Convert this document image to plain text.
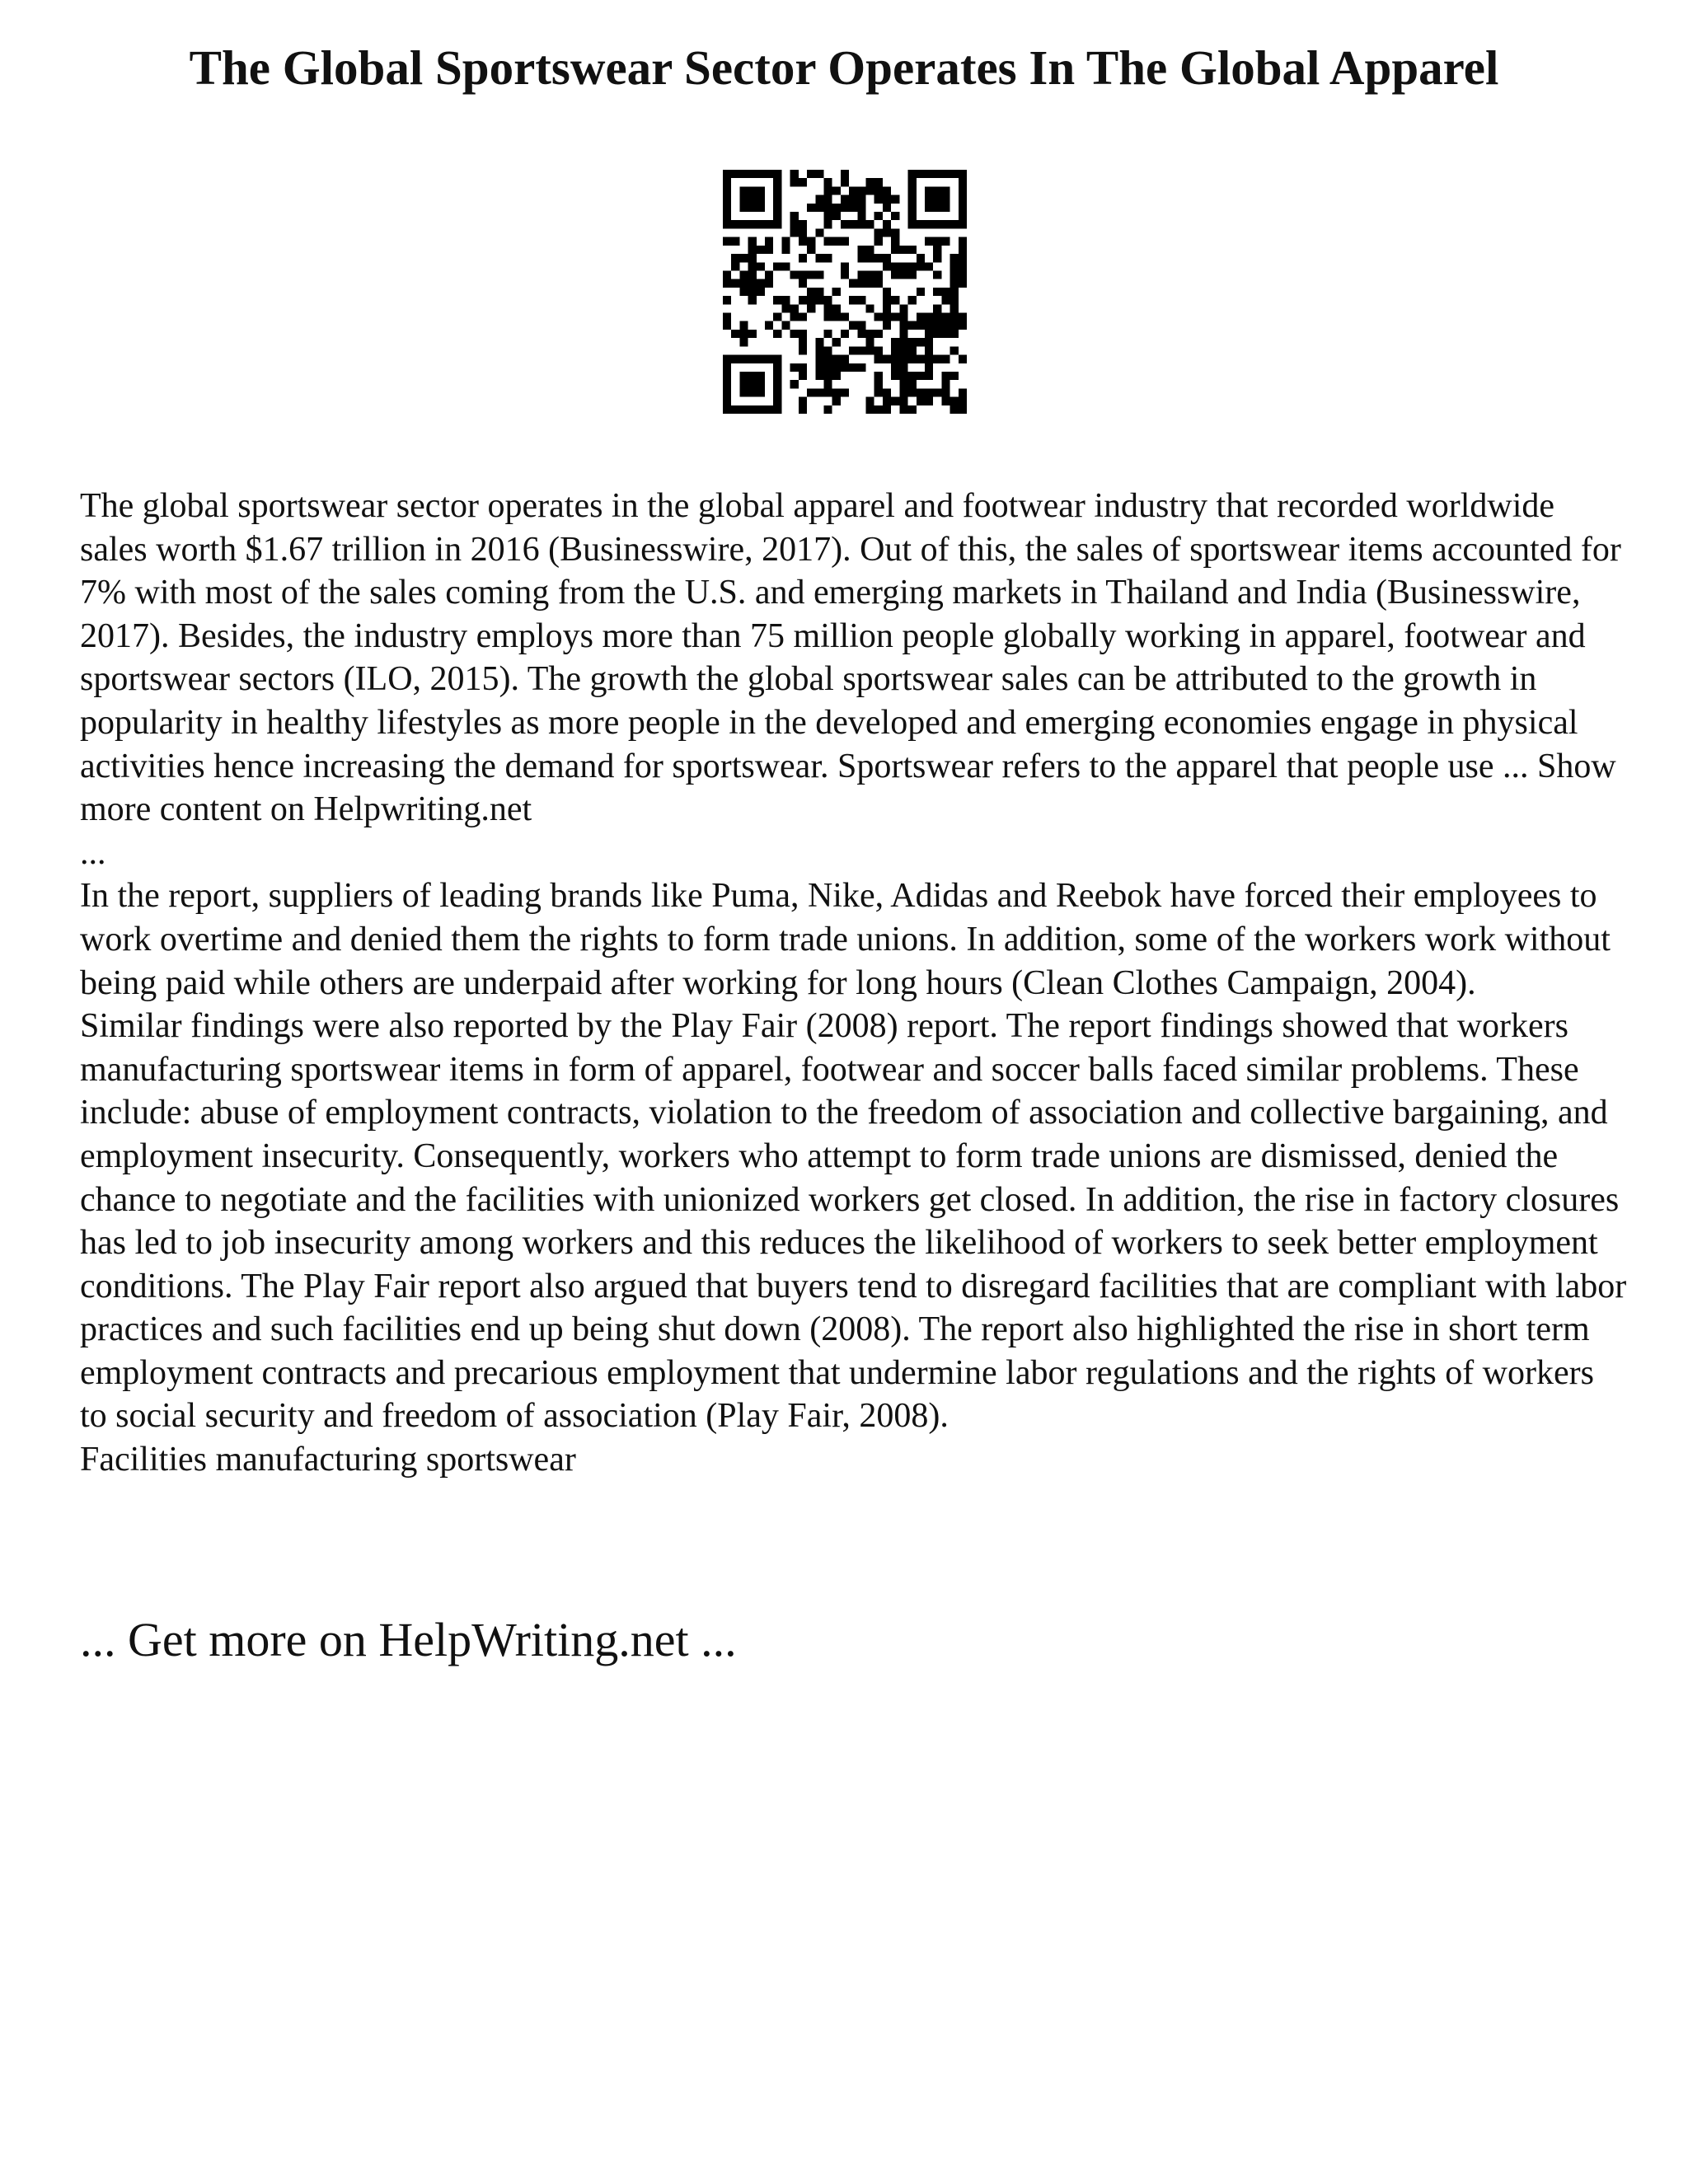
The Global Sportswear Sector Operates In The Global Apparel

The global sportswear sector operates in the global apparel and footwear industry that recorded worldwide sales worth $1.67 trillion in 2016 (Businesswire, 2017). Out of this, the sales of sportswear items accounted for 7% with most of the sales coming from the U.S. and emerging markets in Thailand and India (Businesswire, 2017). Besides, the industry employs more than 75 million people globally working in apparel, footwear and sportswear sectors (ILO, 2015). The growth the global sportswear sales can be attributed to the growth in popularity in healthy lifestyles as more people in the developed and emerging economies engage in physical activities hence increasing the demand for sportswear. Sportswear refers to the apparel that people use ... Show more content on Helpwriting.net

...

In the report, suppliers of leading brands like Puma, Nike, Adidas and Reebok have forced their employees to work overtime and denied them the rights to form trade unions. In addition, some of the workers work without being paid while others are underpaid after working for long hours (Clean Clothes Campaign, 2004).

Similar findings were also reported by the Play Fair (2008) report. The report findings showed that workers manufacturing sportswear items in form of apparel, footwear and soccer balls faced similar problems. These include: abuse of employment contracts, violation to the freedom of association and collective bargaining, and employment insecurity. Consequently, workers who attempt to form trade unions are dismissed, denied the chance to negotiate and the facilities with unionized workers get closed. In addition, the rise in factory closures has led to job insecurity among workers and this reduces the likelihood of workers to seek better employment conditions. The Play Fair report also argued that buyers tend to disregard facilities that are compliant with labor practices and such facilities end up being shut down (2008). The report also highlighted the rise in short term employment contracts and precarious employment that undermine labor regulations and the rights of workers to social security and freedom of association (Play Fair, 2008).

Facilities manufacturing sportswear

... Get more on HelpWriting.net ...
